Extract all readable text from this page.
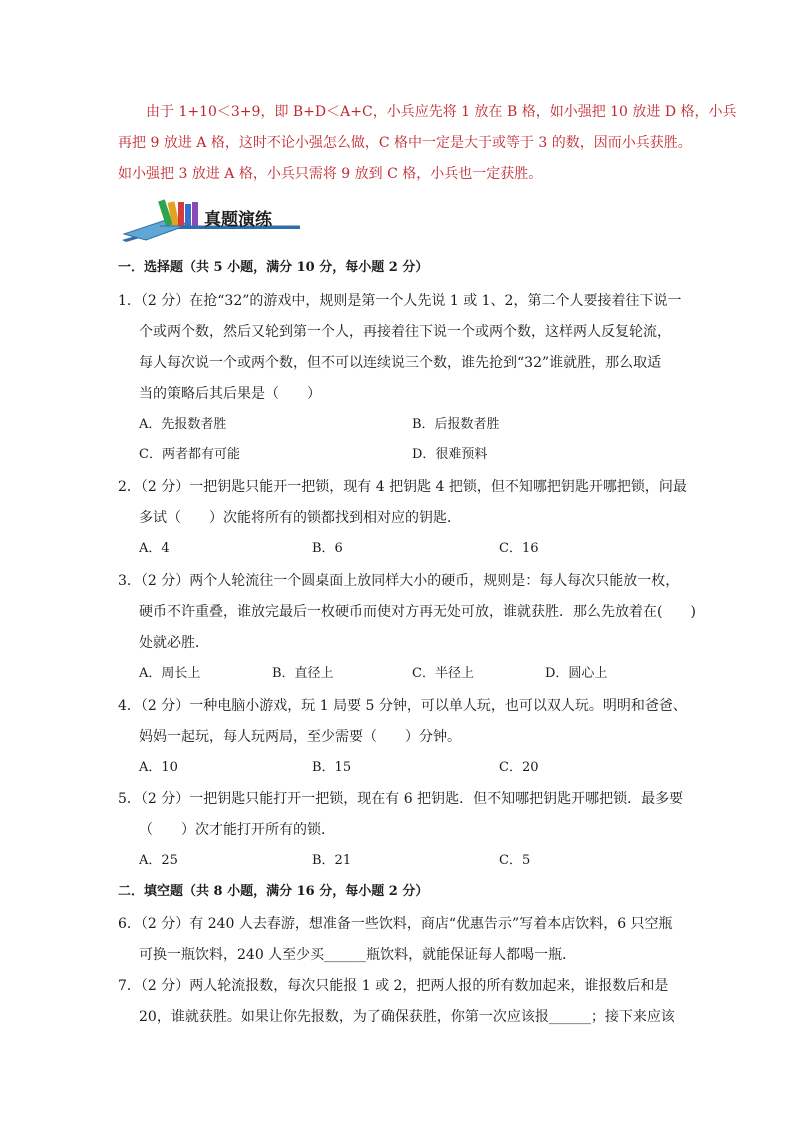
由于 1+10＜3+9，即 B+D＜A+C，小兵应先将 1 放在 B 格，如小强把 10 放进 D 格，小兵
再把 9 放进 A 格，这时不论小强怎么做，C 格中一定是大于或等于 3 的数，因而小兵获胜。
如小强把 3 放进 A 格，小兵只需将 9 放到 C 格，小兵也一定获胜。
真题演练
一．选择题（共 5 小题，满分 10 分，每小题 2 分）
1．（2 分）在抢“32”的游戏中，规则是第一个人先说 1 或 1、2，第二个人要接着往下说一
个或两个数，然后又轮到第一个人，再接着往下说一个或两个数，这样两人反复轮流，
每人每次说一个或两个数，但不可以连续说三个数，谁先抢到“32”谁就胜，那么取适
当的策略后其后果是（　　）
A．先报数者胜	B．后报数者胜
C．两者都有可能	D．很难预料
2．（2 分）一把钥匙只能开一把锁，现有 4 把钥匙 4 把锁，但不知哪把钥匙开哪把锁，问最
多试（　　）次能将所有的锁都找到相对应的钥匙．
A．4	B．6	C．16
3．（2 分）两个人轮流往一个圆桌面上放同样大小的硬币，规则是：每人每次只能放一枚，
硬币不许重叠，谁放完最后一枚硬币而使对方再无处可放，谁就获胜．那么先放着在(　　)
处就必胜．
A．周长上	B．直径上	C．半径上	D．圆心上
4．（2 分）一种电脑小游戏，玩 1 局要 5 分钟，可以单人玩，也可以双人玩。明明和爸爸、
妈妈一起玩，每人玩两局，至少需要（　　）分钟。
A．10	B．15	C．20
5．（2 分）一把钥匙只能打开一把锁，现在有 6 把钥匙．但不知哪把钥匙开哪把锁．最多要
（　　）次才能打开所有的锁．
A．25	B．21	C．5
二．填空题（共 8 小题，满分 16 分，每小题 2 分）
6．（2 分）有 240 人去春游，想准备一些饮料，商店“优惠告示”写着本店饮料，6 只空瓶
可换一瓶饮料，240 人至少买______瓶饮料，就能保证每人都喝一瓶．
7．（2 分）两人轮流报数，每次只能报 1 或 2，把两人报的所有数加起来，谁报数后和是
20，谁就获胜。如果让你先报数，为了确保获胜，你第一次应该报______；接下来应该
